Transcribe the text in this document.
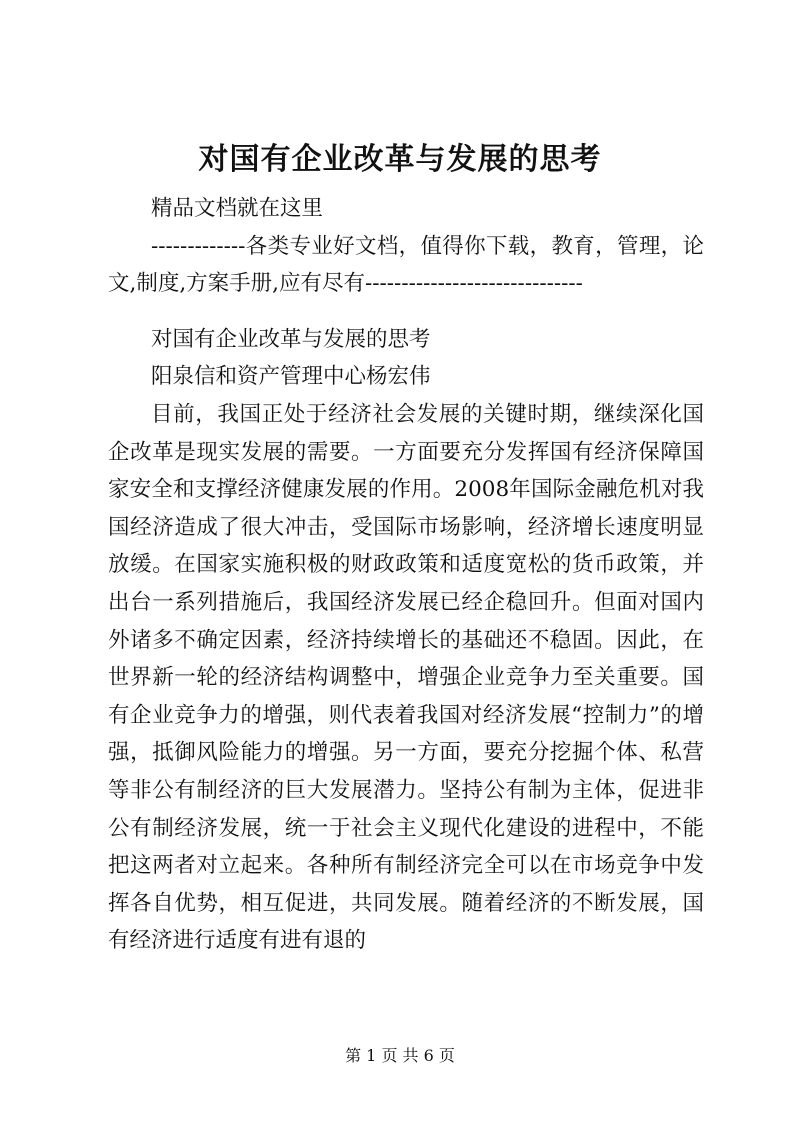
对国有企业改革与发展的思考

精品文档就在这里

-------------各类专业好文档，值得你下载，教育，管理，论文,制度,方案手册,应有尽有------------------------------

对国有企业改革与发展的思考

阳泉信和资产管理中心杨宏伟

目前，我国正处于经济社会发展的关键时期，继续深化国企改革是现实发展的需要。一方面要充分发挥国有经济保障国家安全和支撑经济健康发展的作用。2008年国际金融危机对我国经济造成了很大冲击，受国际市场影响，经济增长速度明显放缓。在国家实施积极的财政政策和适度宽松的货币政策，并出台一系列措施后，我国经济发展已经企稳回升。但面对国内外诸多不确定因素，经济持续增长的基础还不稳固。因此，在世界新一轮的经济结构调整中，增强企业竞争力至关重要。国有企业竞争力的增强，则代表着我国对经济发展“控制力”的增强，抵御风险能力的增强。另一方面，要充分挖掘个体、私营等非公有制经济的巨大发展潜力。坚持公有制为主体，促进非公有制经济发展，统一于社会主义现代化建设的进程中，不能把这两者对立起来。各种所有制经济完全可以在市场竞争中发挥各自优势，相互促进，共同发展。随着经济的不断发展，国有经济进行适度有进有退的

第 1 页 共 6 页
